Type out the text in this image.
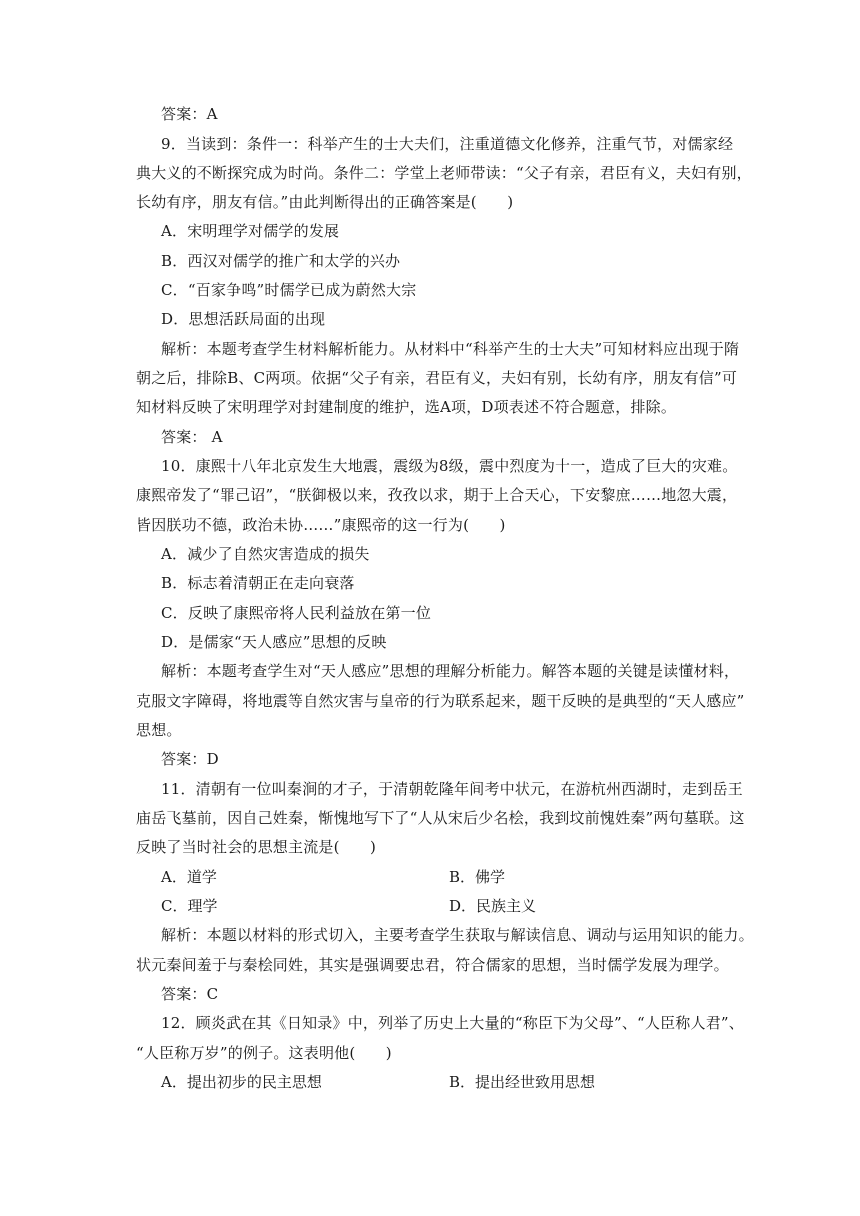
答案：A
9．当读到：条件一：科举产生的士大夫们，注重道德文化修养，注重气节，对儒家经
典大义的不断探究成为时尚。条件二：学堂上老师带读：“父子有亲，君臣有义，夫妇有别，
长幼有序，朋友有信。”由此判断得出的正确答案是(　　)
A．宋明理学对儒学的发展
B．西汉对儒学的推广和太学的兴办
C．“百家争鸣”时儒学已成为蔚然大宗
D．思想活跃局面的出现
解析：本题考查学生材料解析能力。从材料中“科举产生的士大夫”可知材料应出现于隋
朝之后，排除B、C两项。依据“父子有亲，君臣有义，夫妇有别，长幼有序，朋友有信”可
知材料反映了宋明理学对封建制度的维护，选A项，D项表述不符合题意，排除。
答案： A
10．康熙十八年北京发生大地震，震级为8级，震中烈度为十一，造成了巨大的灾难。
康熙帝发了“罪己诏”，“朕御极以来，孜孜以求，期于上合天心，下安黎庶……地忽大震，
皆因朕功不德，政治未协……”康熙帝的这一行为(　　)
A．减少了自然灾害造成的损失
B．标志着清朝正在走向衰落
C．反映了康熙帝将人民利益放在第一位
D．是儒家“天人感应”思想的反映
解析：本题考查学生对“天人感应”思想的理解分析能力。解答本题的关键是读懂材料，
克服文字障碍，将地震等自然灾害与皇帝的行为联系起来，题干反映的是典型的“天人感应”
思想。
答案：D
11．清朝有一位叫秦涧的才子，于清朝乾隆年间考中状元，在游杭州西湖时，走到岳王
庙岳飞墓前，因自己姓秦，惭愧地写下了“人从宋后少名桧，我到坟前愧姓秦”两句墓联。这
反映了当时社会的思想主流是(　　)
A．道学	B．佛学
C．理学	D．民族主义
解析：本题以材料的形式切入，主要考查学生获取与解读信息、调动与运用知识的能力。
状元秦间羞于与秦桧同姓，其实是强调要忠君，符合儒家的思想，当时儒学发展为理学。
答案：C
12．顾炎武在其《日知录》中，列举了历史上大量的“称臣下为父母”、“人臣称人君”、
“人臣称万岁”的例子。这表明他(　　)
A．提出初步的民主思想	B．提出经世致用思想
